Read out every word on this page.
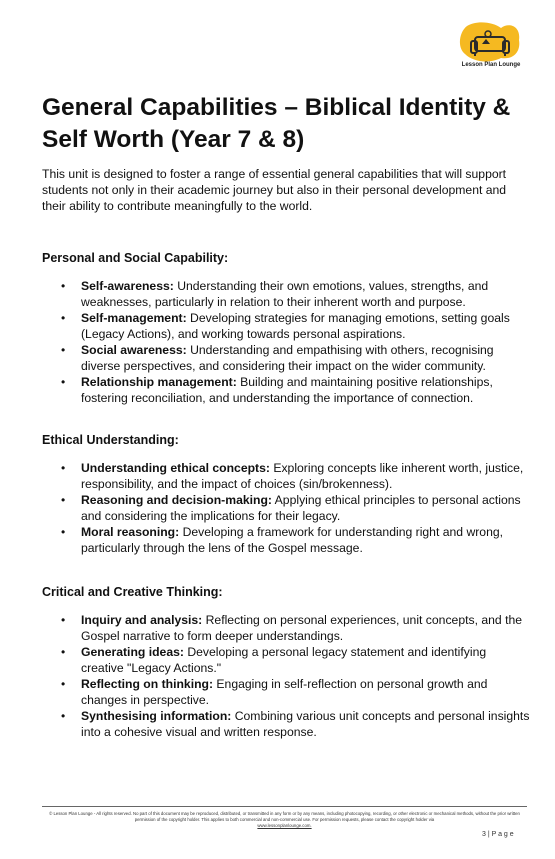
Lesson Plan Lounge
General Capabilities – Biblical Identity & Self Worth (Year 7 & 8)

This unit is designed to foster a range of essential general capabilities that will support students not only in their academic journey but also in their personal development and their ability to contribute meaningfully to the world.

Personal and Social Capability:
• Self-awareness: Understanding their own emotions, values, strengths, and weaknesses, particularly in relation to their inherent worth and purpose.
• Self-management: Developing strategies for managing emotions, setting goals (Legacy Actions), and working towards personal aspirations.
• Social awareness: Understanding and empathising with others, recognising diverse perspectives, and considering their impact on the wider community.
• Relationship management: Building and maintaining positive relationships, fostering reconciliation, and understanding the importance of connection.
Ethical Understanding:
• Understanding ethical concepts: Exploring concepts like inherent worth, justice, responsibility, and the impact of choices (sin/brokenness).
• Reasoning and decision-making: Applying ethical principles to personal actions and considering the implications for their legacy.
• Moral reasoning: Developing a framework for understanding right and wrong, particularly through the lens of the Gospel message.
Critical and Creative Thinking:
• Inquiry and analysis: Reflecting on personal experiences, unit concepts, and the Gospel narrative to form deeper understandings.
• Generating ideas: Developing a personal legacy statement and identifying creative "Legacy Actions."
• Reflecting on thinking: Engaging in self-reflection on personal growth and changes in perspective.
• Synthesising information: Combining various unit concepts and personal insights into a cohesive visual and written response.
© Lesson Plan Lounge - All rights reserved. No part of this document may be reproduced, distributed, or transmitted in any form or by any means, including photocopying, recording, or other electronic or mechanical methods, without the prior written permission of the copyright holder. This applies to both commercial and non-commercial use. For permission requests, please contact the copyright holder via
www.lessonplanlounge.com.
3 | P a g e
